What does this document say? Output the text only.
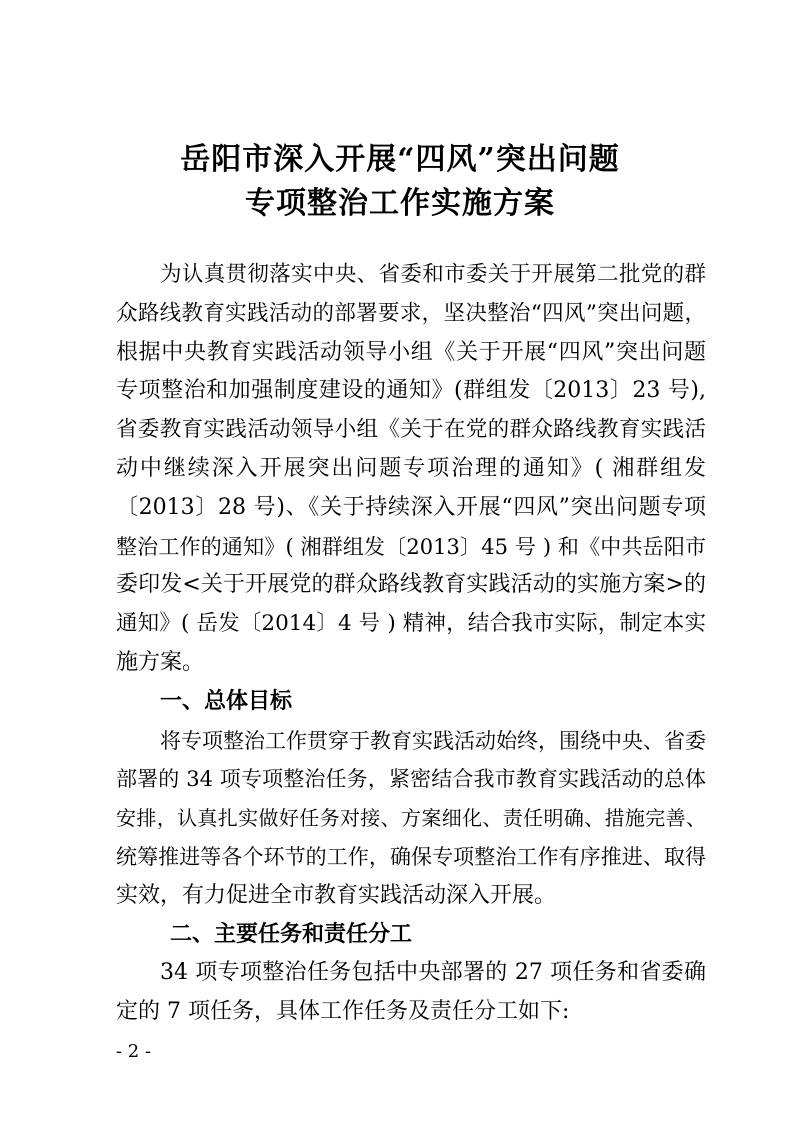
岳阳市深入开展“四风”突出问题
专项整治工作实施方案
为认真贯彻落实中央、省委和市委关于开展第二批党的群
众路线教育实践活动的部署要求，坚决整治“四风”突出问题，
根据中央教育实践活动领导小组《关于开展“四风”突出问题
专项整治和加强制度建设的通知》(群组发〔2013〕23 号),
省委教育实践活动领导小组《关于在党的群众路线教育实践活
动中继续深入开展突出问题专项治理的通知》( 湘群组发
〔2013〕28 号)、《关于持续深入开展“四风”突出问题专项
整治工作的通知》( 湘群组发〔2013〕45 号 ) 和《中共岳阳市
委印发<关于开展党的群众路线教育实践活动的实施方案>的
通知》( 岳发〔2014〕4 号 ) 精神，结合我市实际，制定本实
施方案。
一、总体目标
将专项整治工作贯穿于教育实践活动始终，围绕中央、省委
部署的 34 项专项整治任务，紧密结合我市教育实践活动的总体
安排，认真扎实做好任务对接、方案细化、责任明确、措施完善、
统筹推进等各个环节的工作，确保专项整治工作有序推进、取得
实效，有力促进全市教育实践活动深入开展。
二、主要任务和责任分工
34 项专项整治任务包括中央部署的 27 项任务和省委确
定的 7 项任务，具体工作任务及责任分工如下:
- 2 -
